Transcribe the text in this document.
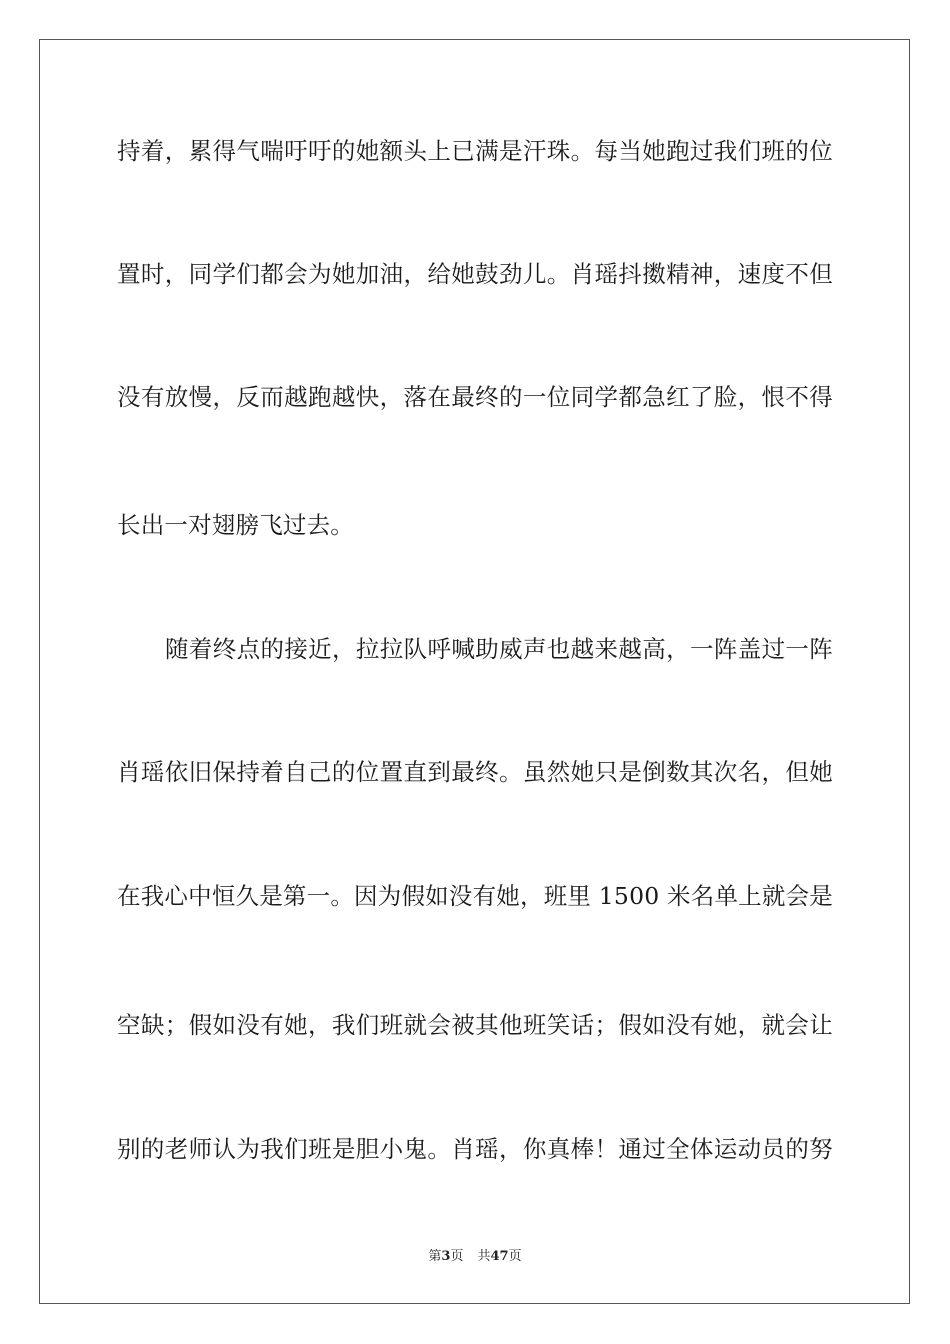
持着，累得气喘吁吁的她额头上已满是汗珠。每当她跑过我们班的位
置时，同学们都会为她加油，给她鼓劲儿。肖瑶抖擞精神，速度不但
没有放慢，反而越跑越快，落在最终的一位同学都急红了脸，恨不得
长出一对翅膀飞过去。
随着终点的接近，拉拉队呼喊助威声也越来越高，一阵盖过一阵
肖瑶依旧保持着自己的位置直到最终。虽然她只是倒数其次名，但她
在我心中恒久是第一。因为假如没有她，班里 1500 米名单上就会是
空缺；假如没有她，我们班就会被其他班笑话；假如没有她，就会让
别的老师认为我们班是胆小鬼。肖瑶，你真棒！通过全体运动员的努
第3页 共47页
